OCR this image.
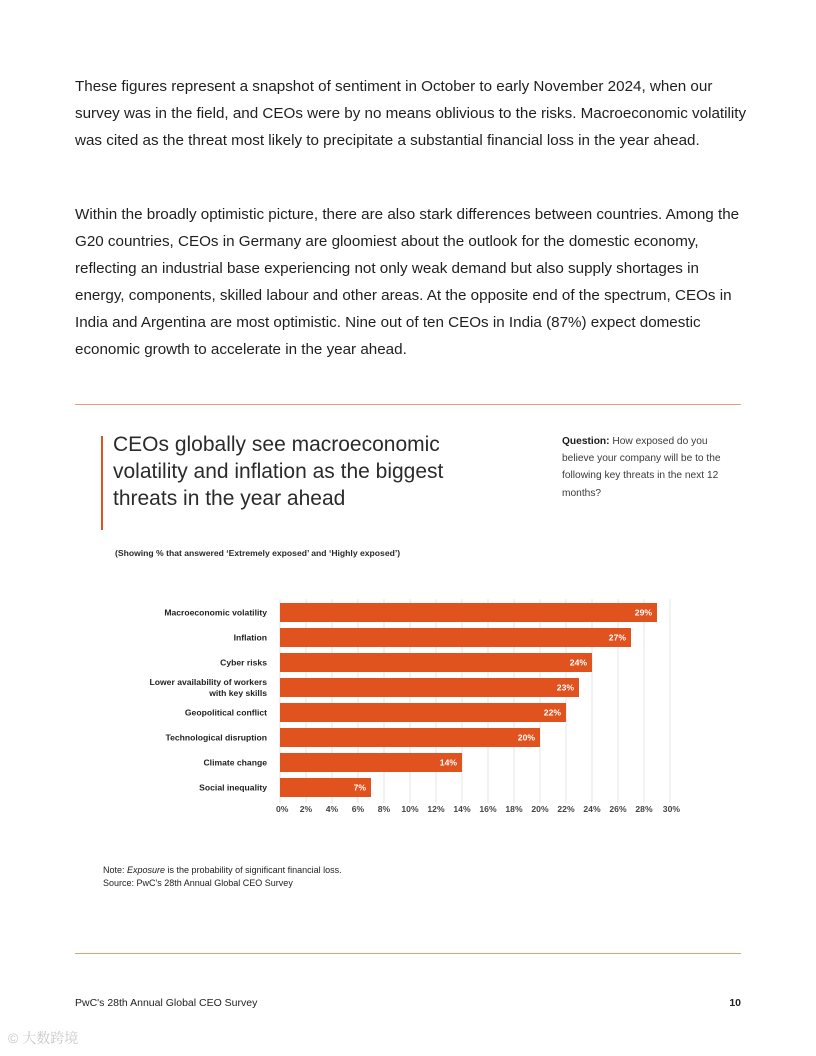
These figures represent a snapshot of sentiment in October to early November 2024, when our survey was in the field, and CEOs were by no means oblivious to the risks. Macroeconomic volatility was cited as the threat most likely to precipitate a substantial financial loss in the year ahead.

Within the broadly optimistic picture, there are also stark differences between countries. Among the G20 countries, CEOs in Germany are gloomiest about the outlook for the domestic economy, reflecting an industrial base experiencing not only weak demand but also supply shortages in energy, components, skilled labour and other areas. At the opposite end of the spectrum, CEOs in India and Argentina are most optimistic. Nine out of ten CEOs in India (87%) expect domestic economic growth to accelerate in the year ahead.

CEOs globally see macroeconomic volatility and inflation as the biggest threats in the year ahead
Question: How exposed do you believe your company will be to the following key threats in the next 12 months?
(Showing % that answered ‘Extremely exposed’ and ‘Highly exposed’)
29%
Macroeconomic volatility
27%
Inflation
24%
Cyber risks
23%
Lower availability of workers
with key skills
22%
Geopolitical conflict
20%
Technological disruption
14%
Climate change
7%
Social inequality
0% 2% 4% 6% 8% 10% 12% 14% 16% 18% 20% 22% 24% 26% 28% 30%
Note: Exposure is the probability of significant financial loss.
Source: PwC's 28th Annual Global CEO Survey
PwC's 28th Annual Global CEO Survey	10
© 大数跨境
